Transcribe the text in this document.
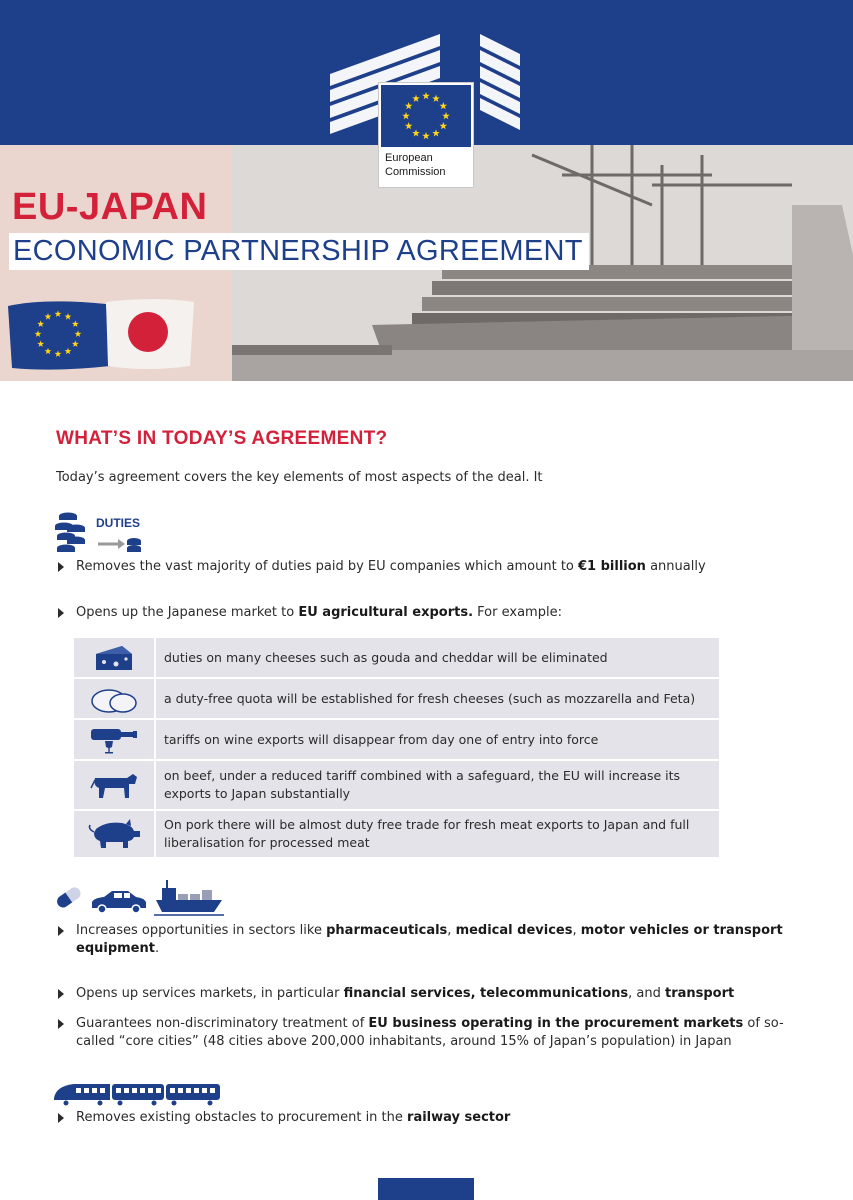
European
Commission
EU-JAPAN
ECONOMIC PARTNERSHIP AGREEMENT
WHAT’S IN TODAY’S AGREEMENT?
Today’s agreement covers the key elements of most aspects of the deal. It
DUTIES
Removes the vast majority of duties paid by EU companies which amount to €1 billion annually
Opens up the Japanese market to EU agricultural exports. For example:
duties on many cheeses such as gouda and cheddar will be eliminated
a duty-free quota will be established for fresh cheeses (such as mozzarella and Feta)
tariffs on wine exports will disappear from day one of entry into force
on beef, under a reduced tariff combined with a safeguard, the EU will increase its exports to Japan substantially
On pork there will be almost duty free trade for fresh meat exports to Japan and full liberalisation for processed meat
Increases opportunities in sectors like pharmaceuticals, medical devices, motor vehicles or transport equipment.
Opens up services markets, in particular financial services, telecommunications, and transport
Guarantees non-discriminatory treatment of EU business operating in the procurement markets of so-called “core cities” (48 cities above 200,000 inhabitants, around 15% of Japan’s population) in Japan
Removes existing obstacles to procurement in the railway sector
